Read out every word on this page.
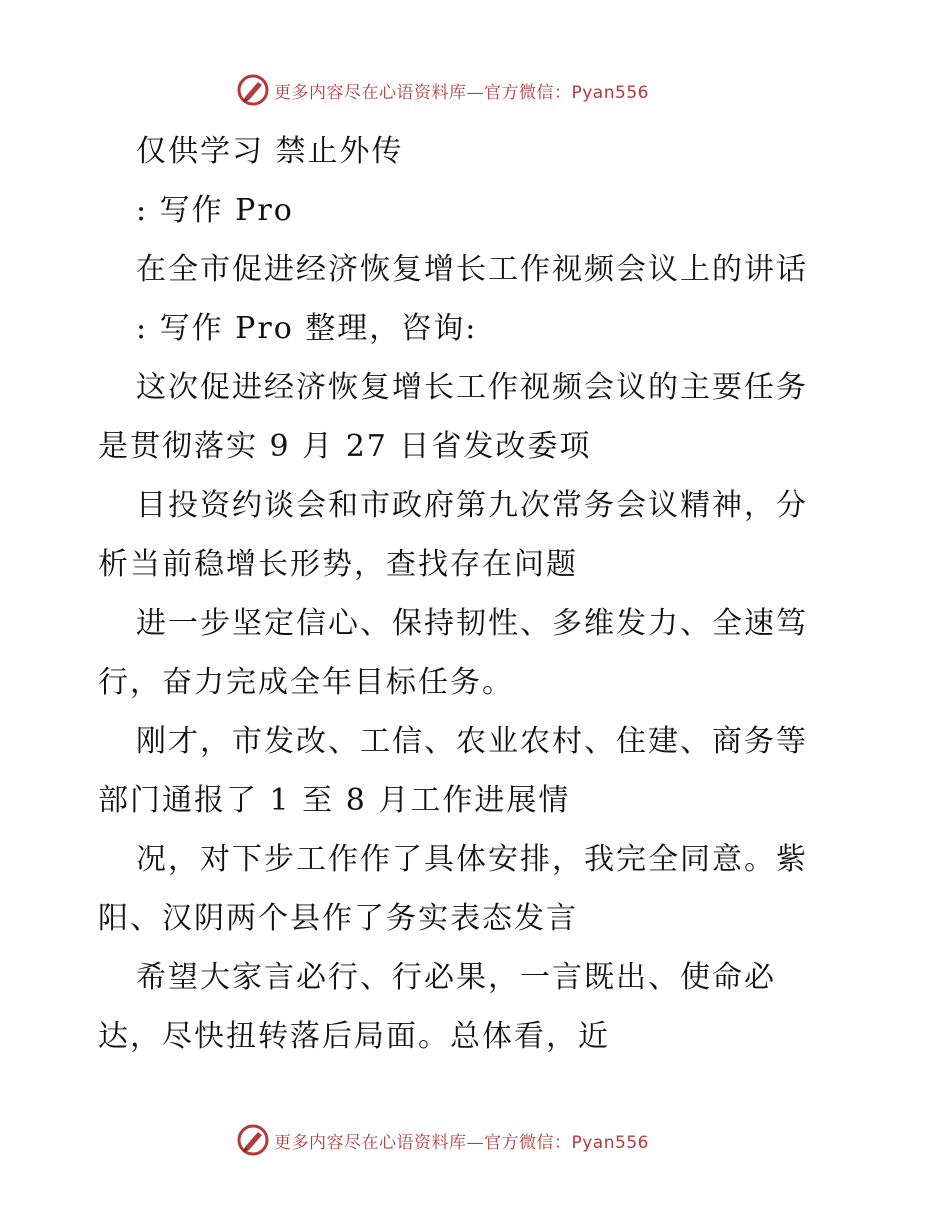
更多内容尽在心语资料库—官方微信：Pyan556
仅供学习 禁止外传
: 写作 Pro
在全市促进经济恢复增长工作视频会议上的讲话
: 写作 Pro 整理，咨询:
这次促进经济恢复增长工作视频会议的主要任务
是贯彻落实 9 月 27 日省发改委项
目投资约谈会和市政府第九次常务会议精神，分
析当前稳增长形势，查找存在问题
进一步坚定信心、保持韧性、多维发力、全速笃
行，奋力完成全年目标任务。
刚才，市发改、工信、农业农村、住建、商务等
部门通报了 1 至 8 月工作进展情
况，对下步工作作了具体安排，我完全同意。紫
阳、汉阴两个县作了务实表态发言
希望大家言必行、行必果，一言既出、使命必
达，尽快扭转落后局面。总体看，近
更多内容尽在心语资料库—官方微信：Pyan556
